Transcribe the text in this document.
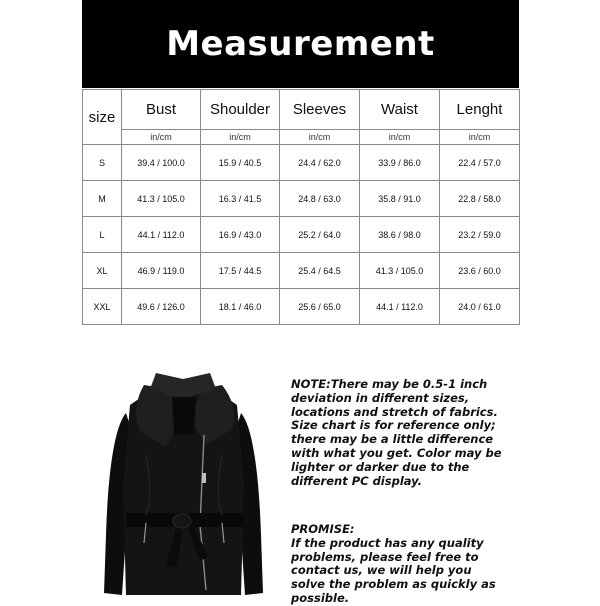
Measurement
size	Bust	Shoulder	Sleeves	Waist	Lenght
	in/cm	in/cm	in/cm	in/cm	in/cm
S	39.4 / 100.0	15.9 / 40.5	24.4 / 62.0	33.9 / 86.0	22.4 / 57.0
M	41.3 / 105.0	16.3 / 41.5	24.8 / 63.0	35.8 / 91.0	22.8 / 58.0
L	44.1 / 112.0	16.9 / 43.0	25.2 / 64.0	38.6 / 98.0	23.2 / 59.0
XL	46.9 / 119.0	17.5 / 44.5	25.4 / 64.5	41.3 / 105.0	23.6 / 60.0
XXL	49.6 / 126.0	18.1 / 46.0	25.6 / 65.0	44.1 / 112.0	24.0 / 61.0
NOTE:There may be 0.5-1 inch deviation in different sizes, locations and stretch of fabrics. Size chart is for reference only; there may be a little difference with what you get. Color may be lighter or darker due to the different PC display.
PROMISE:
If the product has any quality problems, please feel free to contact us, we will help you solve the problem as quickly as possible.
